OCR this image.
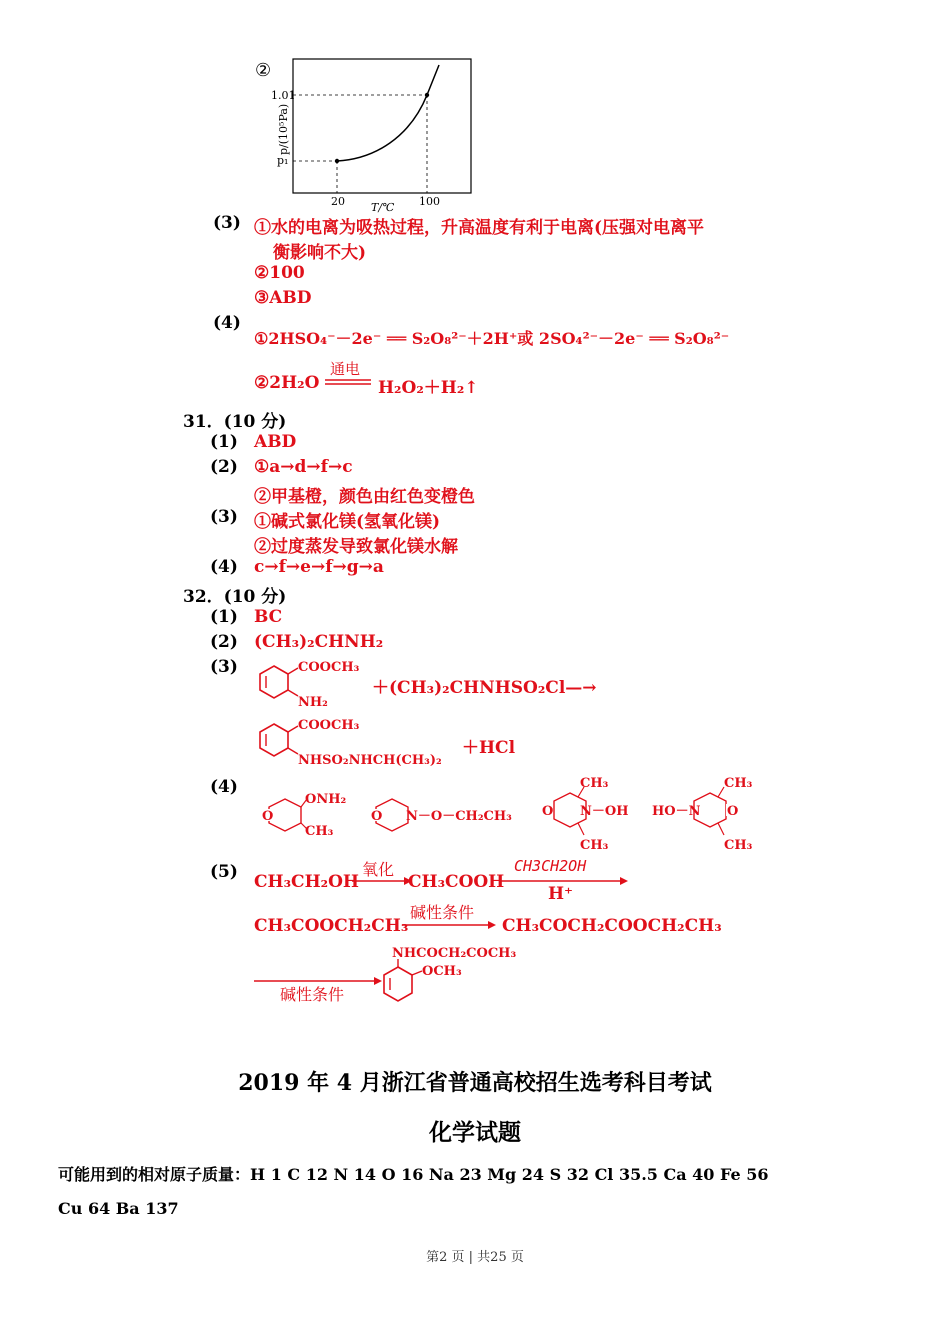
②
1.01
p₁
20	100
T/℃
p/(10⁵Pa)
(3) ①水的电离为吸热过程，升高温度有利于电离(压强对电离平
衡影响不大)
②100
③ABD
(4)
①2HSO₄⁻－2e⁻ ══ S₂O₈²⁻＋2H⁺或 2SO₄²⁻－2e⁻ ══ S₂O₈²⁻
②2H₂O
通电
H₂O₂＋H₂↑
31．(10 分)
(1) ABD
(2) ①a→d→f→c
②甲基橙，颜色由红色变橙色
(3) ①碱式氯化镁(氢氧化镁)
②过度蒸发导致氯化镁水解
(4) c→f→e→f→g→a
32．(10 分)
(1) BC
(2) (CH₃)₂CHNH₂
(3)	COOCH₃
NH₂
＋(CH₃)₂CHNHSO₂Cl—→
COOCH₃
NHSO₂NHCH(CH₃)₂
＋HCl
(4)
O
ONH₂
CH₃
O N－O－CH₂CH₃ O
CH₃
N－OH
CH₃
O
HO－N
CH₃
CH₃
(5) CH₃CH₂OH
氧化
CH₃COOH
CH3CH2OH
H⁺
CH₃COOCH₂CH₃
碱性条件
CH₃COCH₂COOCH₂CH₃
碱性条件
NHCOCH₂COCH₃
OCH₃
2019 年 4 月浙江省普通高校招生选考科目考试
化学试题
可能用到的相对原子质量：H 1 C 12 N 14 O 16 Na 23 Mg 24 S 32 Cl 35.5 Ca 40 Fe 56
Cu 64 Ba 137
第2 页 | 共25 页
